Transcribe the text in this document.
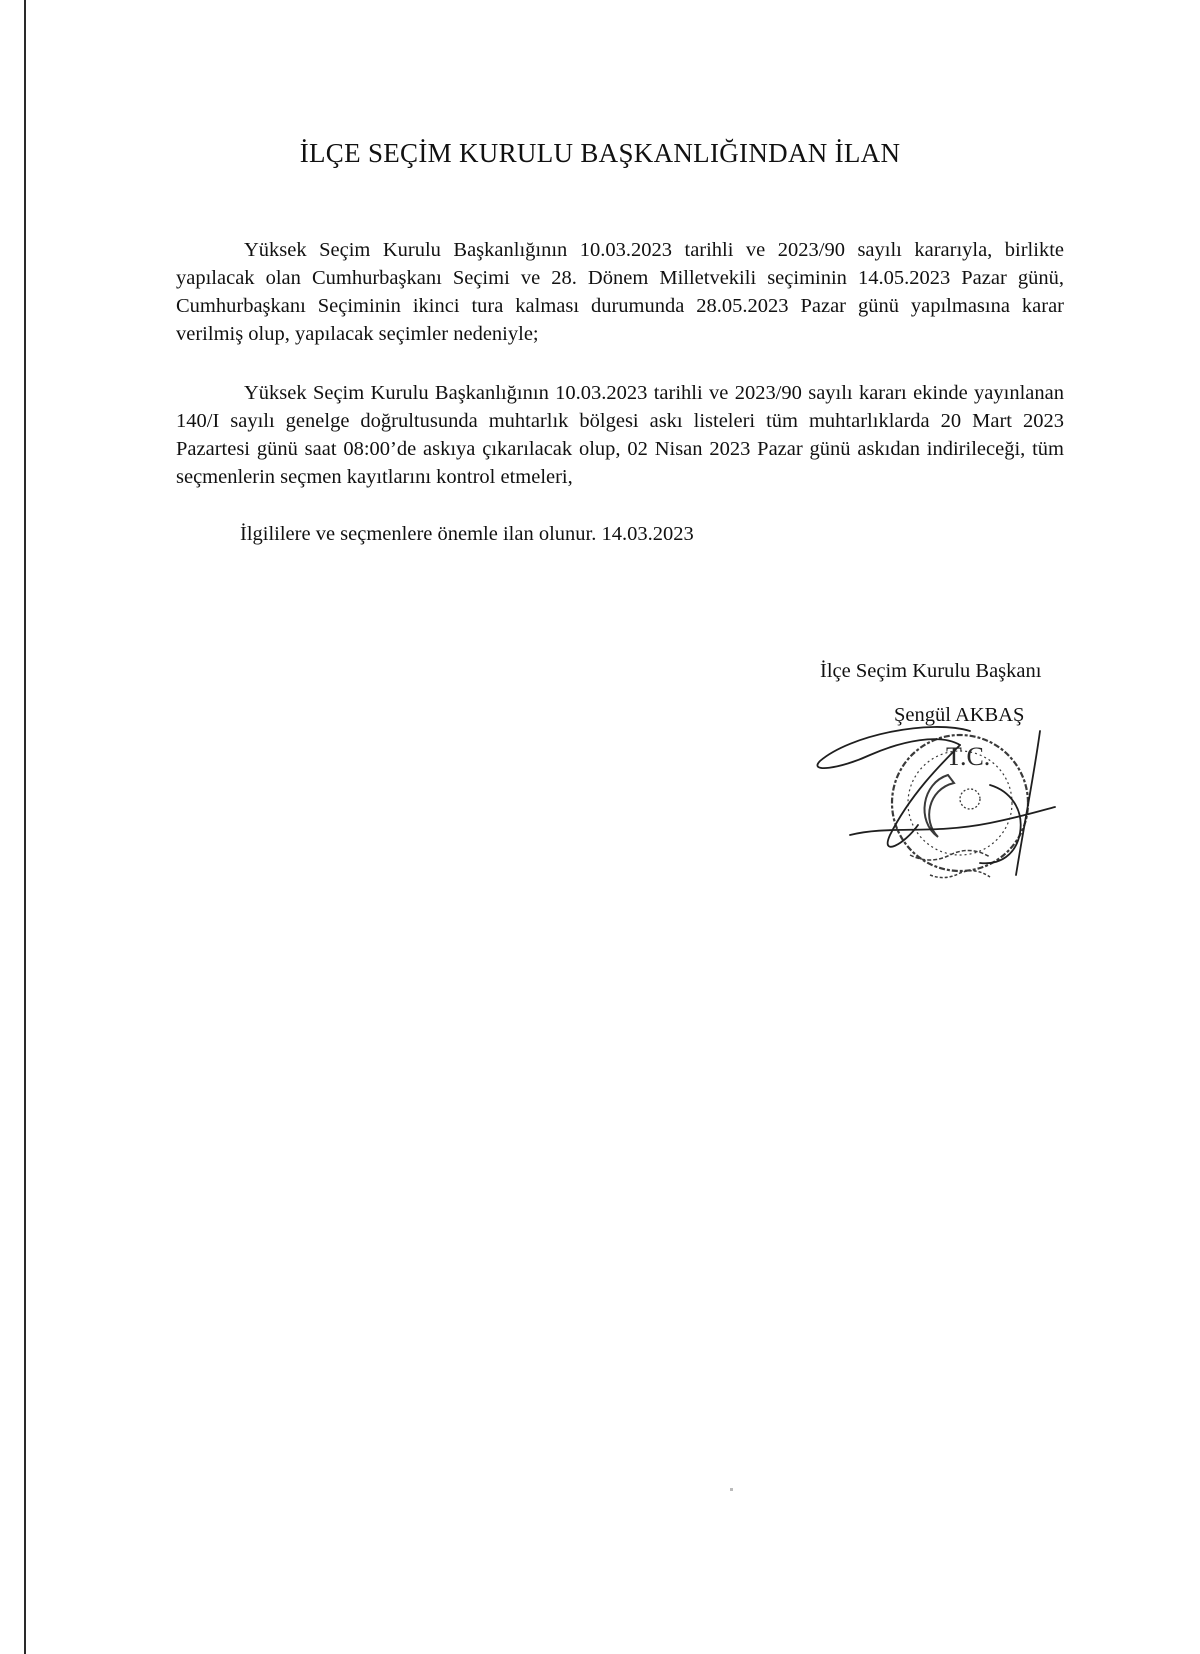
İLÇE SEÇİM KURULU BAŞKANLIĞINDAN İLAN

Yüksek Seçim Kurulu Başkanlığının 10.03.2023 tarihli ve 2023/90 sayılı kararıyla, birlikte yapılacak olan Cumhurbaşkanı Seçimi ve 28. Dönem Milletvekili seçiminin 14.05.2023 Pazar günü, Cumhurbaşkanı Seçiminin ikinci tura kalması durumunda 28.05.2023 Pazar günü yapılmasına karar verilmiş olup, yapılacak seçimler nedeniyle;

Yüksek Seçim Kurulu Başkanlığının 10.03.2023 tarihli ve 2023/90 sayılı kararı ekinde yayınlanan 140/I sayılı genelge doğrultusunda muhtarlık bölgesi askı listeleri tüm muhtarlıklarda 20 Mart 2023 Pazartesi günü saat 08:00’de askıya çıkarılacak olup, 02 Nisan 2023 Pazar günü askıdan indirileceği, tüm seçmenlerin seçmen kayıtlarını kontrol etmeleri,

İlgililere ve seçmenlere önemle ilan olunur. 14.03.2023

İlçe Seçim Kurulu Başkanı
Şengül AKBAŞ
T.C.
